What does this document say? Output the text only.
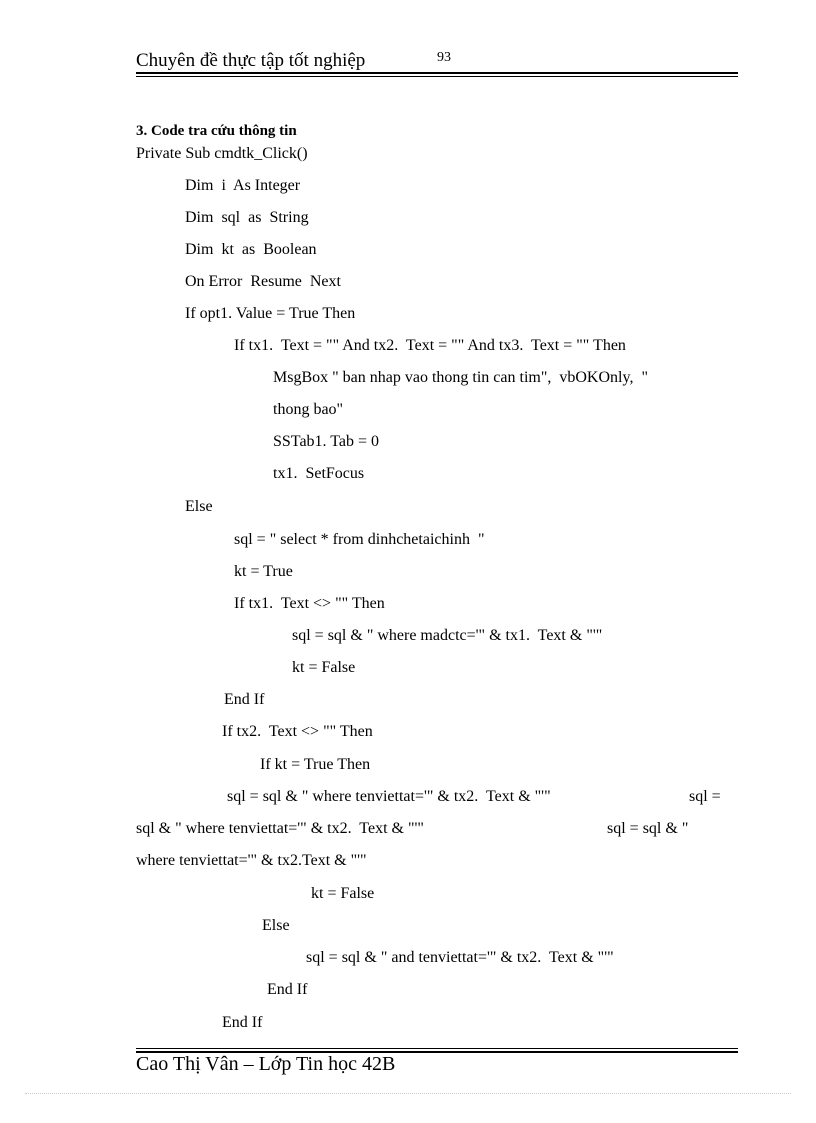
Chuyên đề thực tập tốt nghiệp	93
3. Code tra cứu thông tin
Private Sub cmdtk_Click()
Dim  i  As Integer
Dim  sql  as  String
Dim  kt  as  Boolean
On Error  Resume  Next
If opt1. Value = True Then
If tx1.  Text = "" And tx2.  Text = "" And tx3.  Text = "" Then
MsgBox " ban nhap vao thong tin can tim",  vbOKOnly,  "
thong bao"
SSTab1. Tab = 0
tx1.  SetFocus
Else
sql = " select * from dinhchetaichinh  "
kt = True
If tx1.  Text <> "" Then
sql = sql & " where madctc='" & tx1.  Text & "'"
kt = False
End If
If tx2.  Text <> "" Then
If kt = True Then
sql = sql & " where tenviettat='" & tx2.  Text & "'"	sql =
sql & " where tenviettat='" & tx2.  Text & "'"	sql = sql & "
where tenviettat='" & tx2.Text & "'"
kt = False
Else
sql = sql & " and tenviettat='" & tx2.  Text & "'"
End If
End If
Cao Thị Vân – Lớp Tin học 42B
